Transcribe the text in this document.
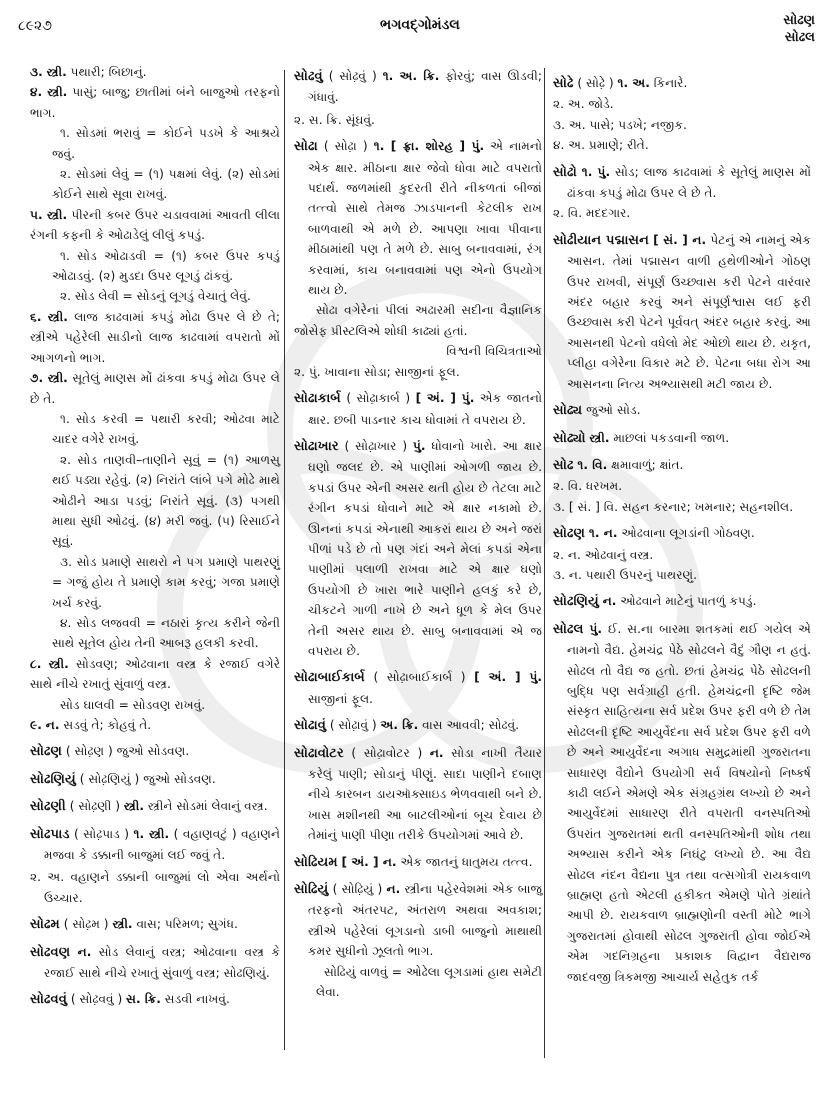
૮૯૨૭	ભગવદ્ગોમંડલ	સોઢણ
સોઢલ

૩. સ્ત્રી. પથારી; બિછાનું.

૪. સ્ત્રી. પાસું; બાજુ; છાતીમાં બંને બાજુઓ તરફનો ભાગ.

૧. સોડમાં ભરાવું = કોઈને પડખે કે આશ્રયે જવું.

૨. સોડમાં લેવું = (૧) પક્ષમાં લેવું. (૨) સોડમાં કોઈને સાથે સૂવા રાખવું.

૫. સ્ત્રી. પીરની કબર ઉપર ચડાવવામાં આવતી લીલા રંગની કફની કે ઓઢાડેલું લીલું કપડું.

૧. સોડ ઓઢાડવી = (૧) કબર ઉપર કપડું ઓઢાડવું. (૨) મુડદા ઉપર લૂગડું ઢાંકવું.

૨. સોડ લેવી = સોડનું લૂગડું વેચાતું લેવું.

૬. સ્ત્રી. લાજ કાઢવામાં કપડું મોઢા ઉપર લે છે તે; સ્ત્રીએ પહેરેલી સાડીનો લાજ કાઢવામાં વપરાતો મોં આગળનો ભાગ.

૭. સ્ત્રી. સૂતેલું માણસ મોં ઢાંકવા કપડું મોઢા ઉપર લે છે તે.

૧. સોડ કરવી = પથારી કરવી; ઓઢવા માટે ચાદર વગેરે રાખવું.

૨. સોડ તાણવી–તાણીને સૂવું = (૧) આળસુ થઈ પડ્યા રહેવું. (૨) નિરાંતે લાંબે પગે મોઢે માથે ઓઢીને આડા પડવું; નિરાંતે સૂવું. (૩) પગથી માથા સુધી ઓઢવું. (૪) મરી જવું. (૫) રિસાઈને સૂવું.

૩. સોડ પ્રમાણે સાથરો ને પગ પ્રમાણે પાથરણું = ગજું હોય તે પ્રમાણે કામ કરવું; ગજા પ્રમાણે ખર્ચ કરવું.

૪. સોડ લજવવી = નઠારાં કૃત્ય કરીને જેની સાથે સૂતેલ હોય તેની આબરૂ હલકી કરવી.

૮. સ્ત્રી. સોડવણ; ઓઢવાના વસ્ત્ર કે રજાઈ વગેરે સાથે નીચે રખાતું સુંવાળું વસ્ત્ર.

સોડ ઘાલવી = સોડવણ રાખવું.

૯. ન. સડવું તે; કોહવું તે.

સોઢણ ( સોઢ઼ણ ) જુઓ સોડવણ.

સોઢણિયું ( સોઢ઼ણિયું ) જુઓ સોડવણ.

સોઢણી ( સોઢ઼ણી ) સ્ત્રી. સ્ત્રીને સોડમાં લેવાનું વસ્ત્ર.

સોઢપાડ ( સોઢ઼પાડ ) ૧. સ્ત્રી. ( વહાણવટું ) વહાણને મજવા કે ડક્કાની બાજુમાં લઈ જવું તે.

૨. અ. વહાણને ડક્કાની બાજુમાં લો એવા અર્થનો ઉચ્ચાર.

સોઢમ ( સોઢ઼મ ) સ્ત્રી. વાસ; પરિમળ; સુગંધ.

સોઢવણ ન. સોડ લેવાનું વસ્ત્ર; ઓઢવાના વસ્ત્ર કે રજાઈ સાથે નીચે રખાતું સુંવાળું વસ્ત્ર; સોઢણિયું.

સોઢવવું ( સોઢ઼વવું ) સ. ક્રિ. સડવી નાખવું.

સોઢવું ( સોઢ઼વું ) ૧. અ. ક્રિ. ફોરવું; વાસ ઊડવી; ગંધાવું.

૨. સ. ક્રિ. સૂંઘવું.

સોઢા ( સોઢ઼ા ) ૧. [ ફ્રા. શોરહ ] પું. એ નામનો એક ક્ષાર. મીઠાના ક્ષાર જેવો ધોવા માટે વપરાતો પદાર્થ. જળમાંથી કુદરતી રીતે નીકળતાં બીજાં તત્ત્વો સાથે તેમજ ઝાડપાનની કેટલીક રાખ બાળવાથી એ મળે છે. આપણા ખાવા પીવાના મીઠામાંથી પણ તે મળે છે. સાબુ બનાવવામાં, રંગ કરવામાં, કાચ બનાવવામાં પણ એનો ઉપયોગ થાય છે.

સોઢા વગેરેનાં પીલાં અઢારમી સદીના વૈજ્ઞાનિક જોસેફ પ્રીસ્ટલિએ શોધી કાઢ્યાં હતાં.

વિશ્વની વિચિત્રતાઓ

૨. પું. ખાવાના સોડા; સાજીનાં ફૂલ.

સોઢાકાર્બ ( સોઢ઼ાકાર્બ ) [ અં. ] પું. એક જાતનો ક્ષાર. છબી પાડનાર કાચ ધોવામાં તે વપરાય છે.

સોઢાખાર ( સોઢ઼ાખાર ) પું. ધોવાનો ખારો. આ ક્ષાર ઘણો જલદ છે. એ પાણીમાં ઓગળી જાય છે. કપડાં ઉપર એની અસર થતી હોય છે તેટલા માટે રંગીન કપડાં ધોવાને માટે એ ક્ષાર નકામો છે. ઊનનાં કપડાં એનાથી આકરાં થાય છે અને જરાં પીળાં પડે છે તો પણ ગંદાં અને મેલાં કપડાં એના પાણીમાં પલાળી રાખવા માટે એ ક્ષાર ઘણો ઉપયોગી છે ખારા ભારે પાણીને હલકું કરે છે, ચીકટને ગાળી નાખે છે અને ધૂળ કે મેલ ઉપર તેની અસર થાય છે. સાબુ બનાવવામાં એ જ વપરાય છે.

સોઢાબાઈકાર્બ ( સોઢ઼ાબાઈકાર્બ ) [ અં. ] પું. સાજીનાં ફૂલ.

સોઢાવું ( સોઢ઼ાવું ) અ. ક્રિ. વાસ આવવી; સોઢવું.

સોઢાવોટર ( સોઢ઼ાવોટર ) ન. સોડા નાખી તૈયાર કરેલું પાણી; સોડાનું પીણું. સાદા પાણીને દબાણ નીચે કારબન ડાયઑક્સાઇડ ભેળવવાથી બને છે. ખાસ મશીનથી આ બાટલીઓનાં બૂચ દેવાય છે તેમાંનું પાણી પીણા તરીકે ઉપયોગમાં આવે છે.

સોઢિયમ [ અં. ] ન. એક જાતનું ધાતુમય તત્ત્વ.

સોઢિયું ( સોઢ઼િયું ) ન. સ્ત્રીના પહેરવેશમાં એક બાજુ તરફનો અંતરપટ, અંતરાળ અથવા અવકાશ; સ્ત્રીએ પહેરેલાં લૂગડાનો ડાબી બાજુનો માથાથી કમર સુધીનો ઝૂલતો ભાગ.

સોઢિયું વાળવું = ઓઢેલા લૂગડામાં હાથ સમેટી લેવા.

સોઢે ( સોઢ઼ે ) ૧. અ. કિનારે.

૨. અ. જોડે.

૩. અ. પાસે; પડખે; નજીક.

૪. અ. પ્રમાણે; રીતે.

સોઢો ૧. પું. સોડ; લાજ કાઢવામાં કે સૂતેલું માણસ મોં ઢાંકવા કપડું મોઢા ઉપર લે છે તે.

૨. વિ. મદદગાર.

સોઢીયાન પદ્માસન [ સં. ] ન. પેટનું એ નામનું એક આસન. તેમાં પદ્માસન વાળી હથેળીઓને ગોઠણ ઉપર રાખવી, સંપૂર્ણ ઉચ્છ્વાસ કરી પેટને વારંવાર અંદર બહાર કરવું અને સંપૂર્ણશ્વાસ લઈ ફરી ઉચ્છ્વાસ કરી પેટને પૂર્વવત્ અંદર બહાર કરવું. આ આસનથી પેટનો વધેલો મેદ ઓછો થાય છે. યકૃત, પ્લીહા વગેરેના વિકાર મટે છે. પેટના બધા રોગ આ આસનના નિત્ય અભ્યાસથી મટી જાય છે.

સોઢ્ય જુઓ સોડ.

સોઢ્યો સ્ત્રી. માછલાં પકડવાની જાળ.

સોઢ ૧. વિ. ક્ષમાવાળું; ક્ષાંત.

૨. વિ. ધરખમ.

૩. [ સં. ] વિ. સહન કરનાર; ખમનાર; સહનશીલ.

સોઢણ ૧. ન. ઓઢવાના લૂગડાંની ગોઠવણ.

૨. ન. ઓઢવાનું વસ્ત્ર.

૩. ન. પથારી ઉપરનું પાથરણું.

સોઢણિયું ન. ઓઢવાને માટેનું પાતળું કપડું.

સોઢલ પું. ઈ. સ.ના બારમા શતકમાં થઈ ગયેલ એ નામનો વૈદ્ય. હેમચંદ્ર પેઠે સોઢલને વૈદું ગૌણ ન હતું. સોઢલ તો વૈદ્ય જ હતો. છતાં હેમચંદ્ર પેઠે સોઢલની બુદ્ધિ પણ સર્વગ્રાહી હતી. હેમચંદ્રની દૃષ્ટિ જેમ સંસ્કૃત સાહિત્યના સર્વ પ્રદેશ ઉપર ફરી વળે છે તેમ સોઢલની દૃષ્ટિ આયુર્વેદના સર્વ પ્રદેશ ઉપર ફરી વળે છે અને આયુર્વેદના અગાધ સમુદ્રમાંથી ગુજરાતના સાધારણ વૈદ્યોને ઉપયોગી સર્વ વિષયોનો નિષ્કર્ષ કાઢી લઈને એમણે એક સંગ્રહગ્રંથ લખ્યો છે અને આયુર્વેદમાં સાધારણ રીતે વપરાતી વનસ્પતિઓ ઉપરાંત ગુજરાતમાં થતી વનસ્પતિઓની શોધ તથા અભ્યાસ કરીને એક નિઘંટુ લખ્યો છે. આ વૈદ્ય સોઢલ નંદન વૈદ્યના પુત્ર તથા વત્સગોત્રી રાયકવાળ બ્રાહ્મણ હતો એટલી હકીકત એમણે પોતે ગ્રંથાંતે આપી છે. રાયકવાળ બ્રાહ્મણોની વસ્તી મોટે ભાગે ગુજરાતમાં હોવાથી સોઢલ ગુજરાતી હોવા જોઈએ એમ ગદનિગ્રહના પ્રકાશક વિદ્વાન વૈદ્યરાજ જાદવજી ત્રિકમજી આચાર્ય સહેતુક તર્ક
